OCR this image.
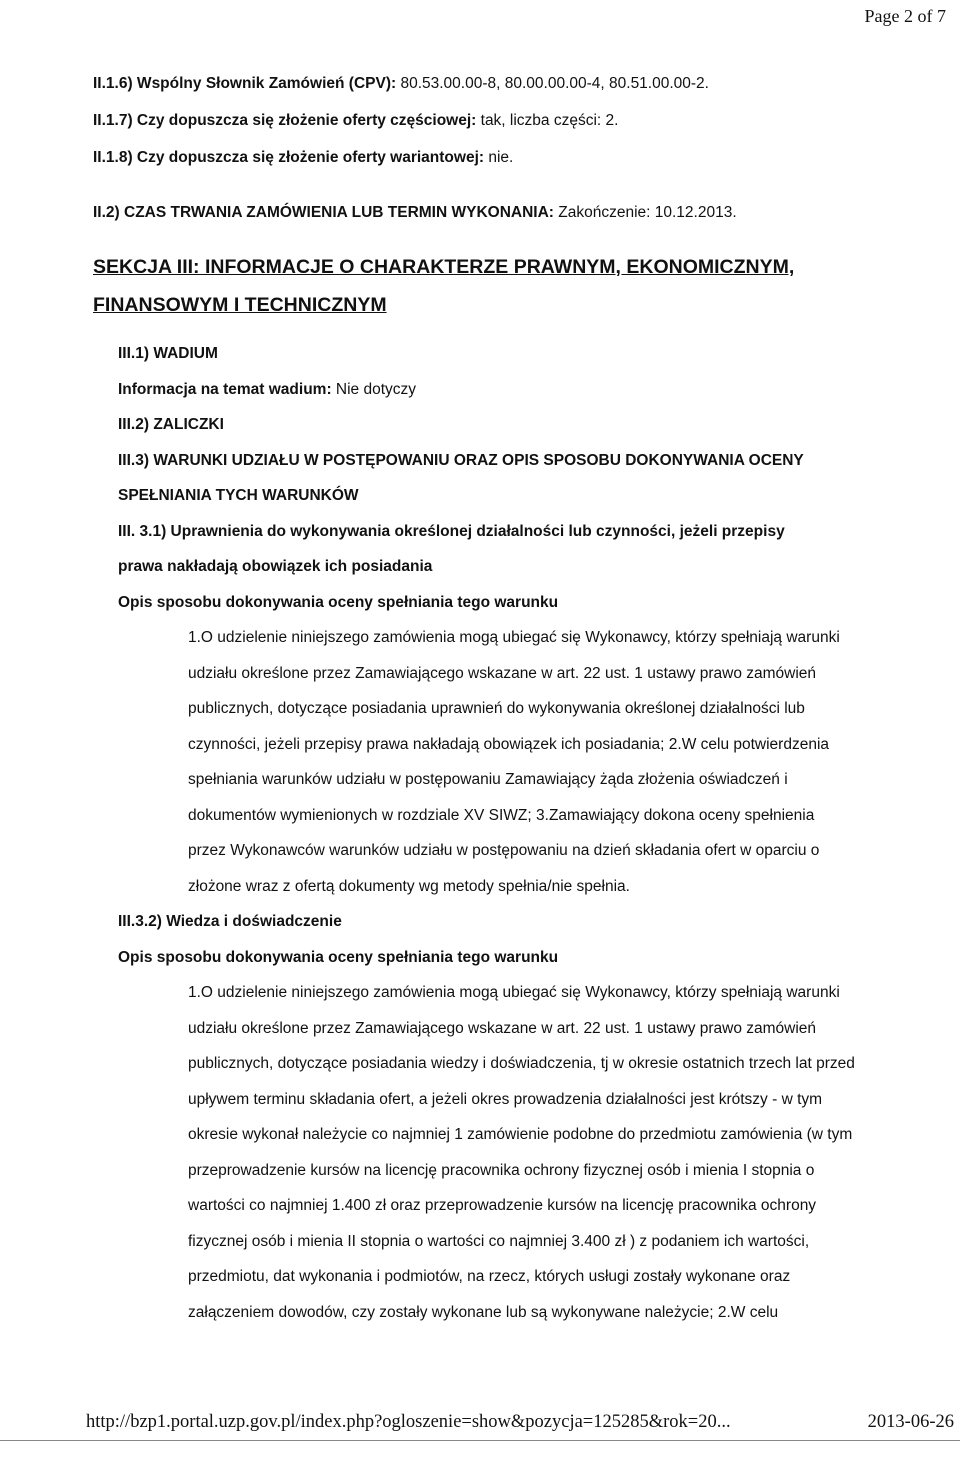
Page 2 of 7
II.1.6) Wspólny Słownik Zamówień (CPV): 80.53.00.00-8, 80.00.00.00-4, 80.51.00.00-2.
II.1.7) Czy dopuszcza się złożenie oferty częściowej: tak, liczba części: 2.
II.1.8) Czy dopuszcza się złożenie oferty wariantowej: nie.
II.2) CZAS TRWANIA ZAMÓWIENIA LUB TERMIN WYKONANIA: Zakończenie: 10.12.2013.
SEKCJA III: INFORMACJE O CHARAKTERZE PRAWNYM, EKONOMICZNYM,
FINANSOWYM I TECHNICZNYM
III.1) WADIUM
Informacja na temat wadium: Nie dotyczy
III.2) ZALICZKI
III.3) WARUNKI UDZIAŁU W POSTĘPOWANIU ORAZ OPIS SPOSOBU DOKONYWANIA OCENY
SPEŁNIANIA TYCH WARUNKÓW
III. 3.1) Uprawnienia do wykonywania określonej działalności lub czynności, jeżeli przepisy
prawa nakładają obowiązek ich posiadania
Opis sposobu dokonywania oceny spełniania tego warunku
1.O udzielenie niniejszego zamówienia mogą ubiegać się Wykonawcy, którzy spełniają warunki
udziału określone przez Zamawiającego wskazane w art. 22 ust. 1 ustawy prawo zamówień
publicznych, dotyczące posiadania uprawnień do wykonywania określonej działalności lub
czynności, jeżeli przepisy prawa nakładają obowiązek ich posiadania; 2.W celu potwierdzenia
spełniania warunków udziału w postępowaniu Zamawiający żąda złożenia oświadczeń i
dokumentów wymienionych w rozdziale XV SIWZ; 3.Zamawiający dokona oceny spełnienia
przez Wykonawców warunków udziału w postępowaniu na dzień składania ofert w oparciu o
złożone wraz z ofertą dokumenty wg metody spełnia/nie spełnia.
III.3.2) Wiedza i doświadczenie
Opis sposobu dokonywania oceny spełniania tego warunku
1.O udzielenie niniejszego zamówienia mogą ubiegać się Wykonawcy, którzy spełniają warunki
udziału określone przez Zamawiającego wskazane w art. 22 ust. 1 ustawy prawo zamówień
publicznych, dotyczące posiadania wiedzy i doświadczenia, tj w okresie ostatnich trzech lat przed
upływem terminu składania ofert, a jeżeli okres prowadzenia działalności jest krótszy - w tym
okresie wykonał należycie co najmniej 1 zamówienie podobne do przedmiotu zamówienia (w tym
przeprowadzenie kursów na licencję pracownika ochrony fizycznej osób i mienia I stopnia o
wartości co najmniej 1.400 zł oraz przeprowadzenie kursów na licencję pracownika ochrony
fizycznej osób i mienia II stopnia o wartości co najmniej 3.400 zł ) z podaniem ich wartości,
przedmiotu, dat wykonania i podmiotów, na rzecz, których usługi zostały wykonane oraz
załączeniem dowodów, czy zostały wykonane lub są wykonywane należycie; 2.W celu
http://bzp1.portal.uzp.gov.pl/index.php?ogloszenie=show&pozycja=125285&rok=20...	2013-06-26
